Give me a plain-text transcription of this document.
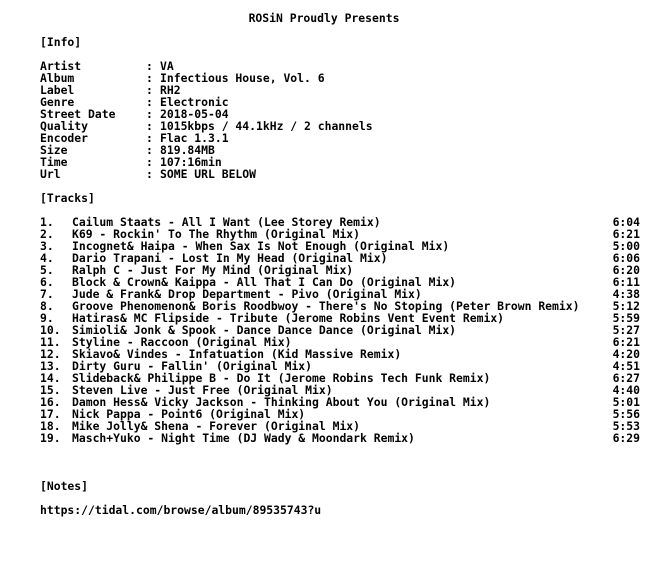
ROSiN Proudly Presents
[Info]
Artist	: VA
Album	: Infectious House, Vol. 6
Label	: RH2
Genre	: Electronic
Street Date	: 2018-05-04
Quality	: 1015kbps / 44.1kHz / 2 channels
Encoder	: Flac 1.3.1
Size	: 819.84MB
Time	: 107:16min
Url	: SOME URL BELOW
[Tracks]
1.	Cailum Staats - All I Want (Lee Storey Remix)	6:04
2.	K69 - Rockin' To The Rhythm (Original Mix)	6:21
3.	Incognet& Haipa - When Sax Is Not Enough (Original Mix)	5:00
4.	Dario Trapani - Lost In My Head (Original Mix)	6:06
5.	Ralph C - Just For My Mind (Original Mix)	6:20
6.	Block & Crown& Kaippa - All That I Can Do (Original Mix)	6:11
7.	Jude & Frank& Drop Department - Pivo (Original Mix)	4:38
8.	Groove Phenomenon& Boris Roodbwoy - There's No Stoping (Peter Brown Remix)	5:12
9.	Hatiras& MC Flipside - Tribute (Jerome Robins Vent Event Remix)	5:59
10.	Simioli& Jonk & Spook - Dance Dance Dance (Original Mix)	5:27
11.	Styline - Raccoon (Original Mix)	6:21
12.	Skiavo& Vindes - Infatuation (Kid Massive Remix)	4:20
13.	Dirty Guru - Fallin' (Original Mix)	4:51
14.	Slideback& Philippe B - Do It (Jerome Robins Tech Funk Remix)	6:27
15.	Steven Live - Just Free (Original Mix)	4:40
16.	Damon Hess& Vicky Jackson - Thinking About You (Original Mix)	5:01
17.	Nick Pappa - Point6 (Original Mix)	5:56
18.	Mike Jolly& Shena - Forever (Original Mix)	5:53
19.	Masch+Yuko - Night Time (DJ Wady & Moondark Remix)	6:29
[Notes]
https://tidal.com/browse/album/89535743?u
